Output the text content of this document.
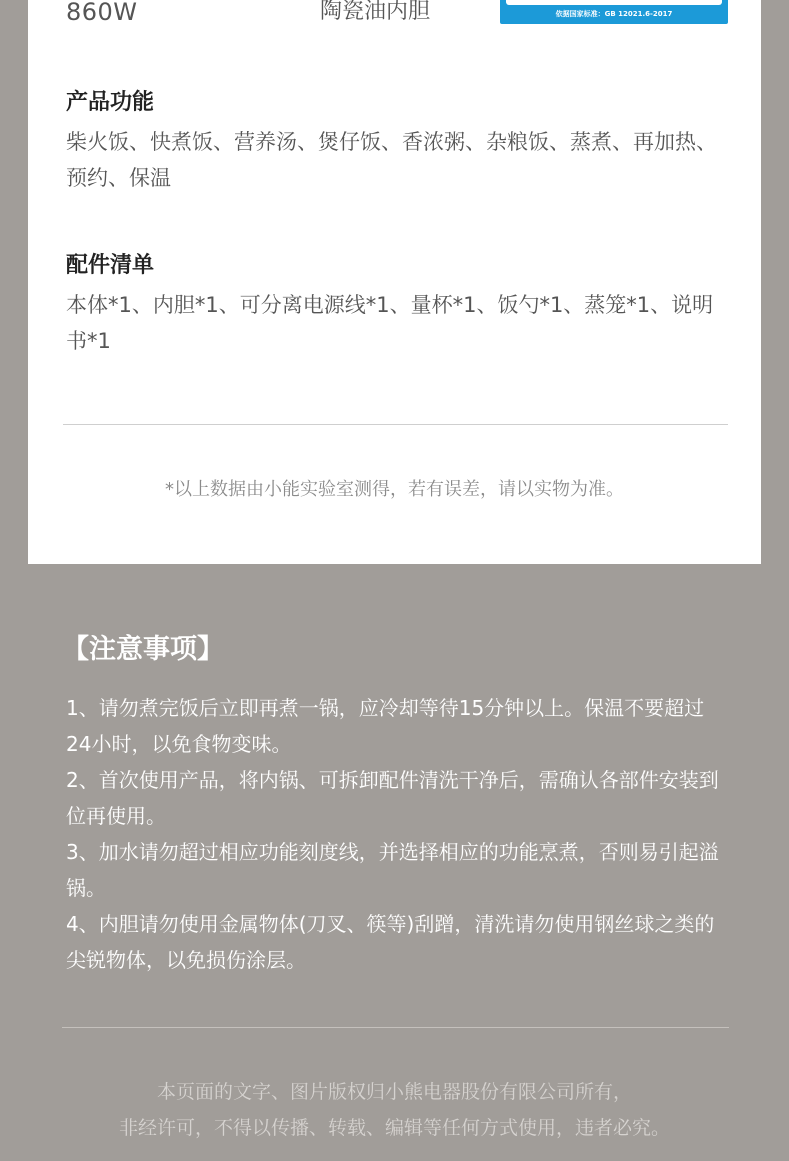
860W	陶瓷油内胆	依据国家标准：GB 12021.6-2017
产品功能

柴火饭、快煮饭、营养汤、煲仔饭、香浓粥、杂粮饭、蒸煮、再加热、预约、保温

配件清单

本体*1、内胆*1、可分离电源线*1、量杯*1、饭勺*1、蒸笼*1、说明书*1

*以上数据由小能实验室测得，若有误差，请以实物为准。
【注意事项】
1、请勿煮完饭后立即再煮一锅，应冷却等待15分钟以上。保温不要超过24小时，以免食物变味。
2、首次使用产品，将内锅、可拆卸配件清洗干净后，需确认各部件安装到位再使用。
3、加水请勿超过相应功能刻度线，并选择相应的功能烹煮，否则易引起溢锅。
4、内胆请勿使用金属物体(刀叉、筷等)刮蹭，清洗请勿使用钢丝球之类的尖锐物体，以免损伤涂层。
本页面的文字、图片版权归小熊电器股份有限公司所有，
非经许可，不得以传播、转载、编辑等任何方式使用，违者必究。
